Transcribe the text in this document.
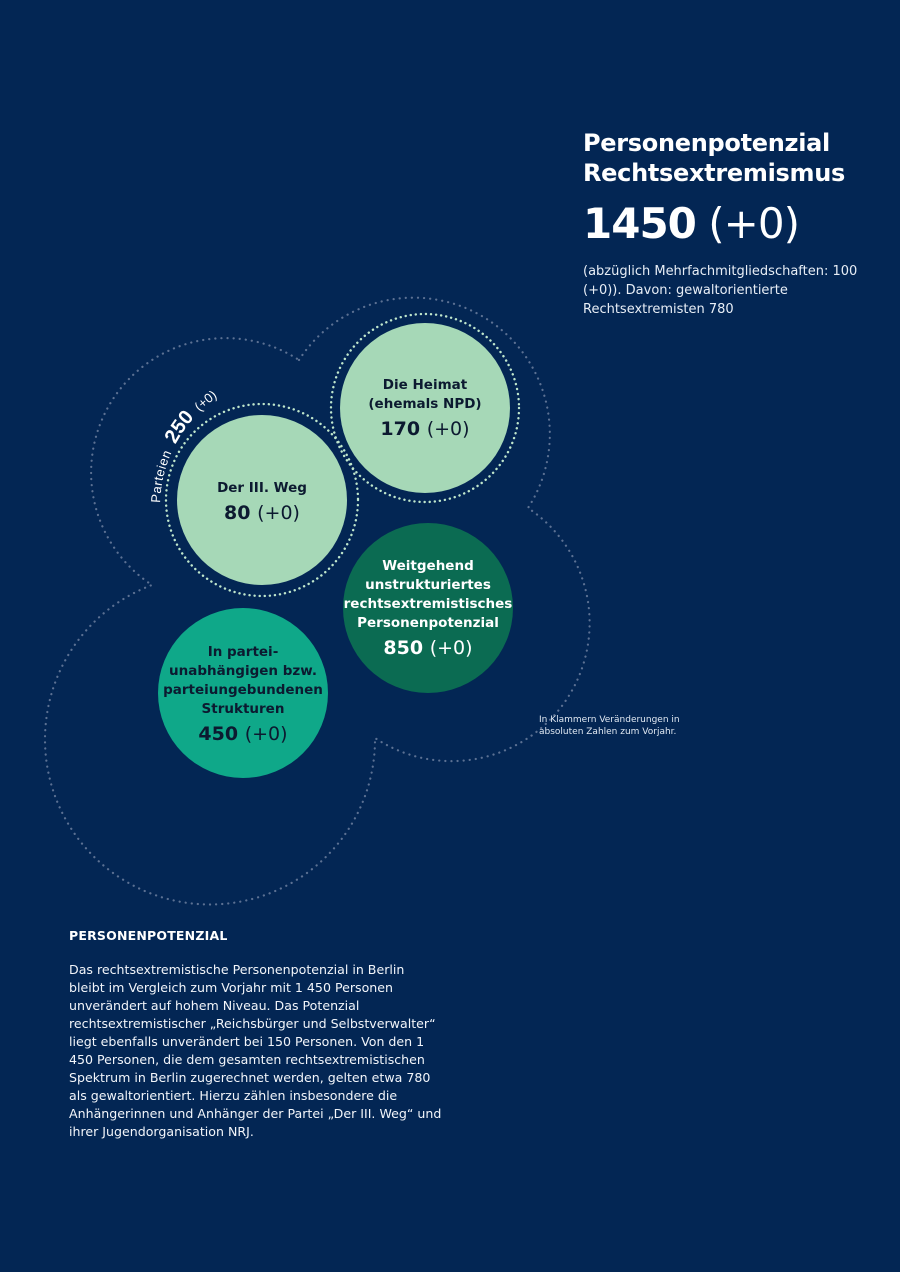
Personenpotenzial
Rechtsextremismus
1450 (+0)
(abzüglich Mehrfachmitgliedschaften: 100 (+0)). Davon: gewaltorientierte Rechtsextremisten 780
Parteien 250 (+0)
Die Heimat
(ehemals NPD)
170 (+0)
Der III. Weg
80 (+0)
Weitgehend
unstrukturiertes
rechtsextremistisches
Personenpotenzial
850 (+0)
In partei-
unabhängigen bzw.
parteiungebundenen
Strukturen
450 (+0)
In Klammern Veränderungen in
absoluten Zahlen zum Vorjahr.
PERSONENPOTENZIAL

Das rechtsextremistische Personenpotenzial in Berlin bleibt im Vergleich zum Vorjahr mit 1 450 Personen unverändert auf hohem Niveau. Das Potenzial rechtsextremistischer „Reichsbürger und Selbstverwalter“ liegt ebenfalls unverändert bei 150 Personen. Von den 1 450 Personen, die dem gesamten rechtsextremistischen Spektrum in Berlin zugerechnet werden, gelten etwa 780 als gewaltorientiert. Hierzu zählen insbesondere die Anhängerinnen und Anhänger der Partei „Der III. Weg“ und ihrer Jugendorganisation NRJ.
